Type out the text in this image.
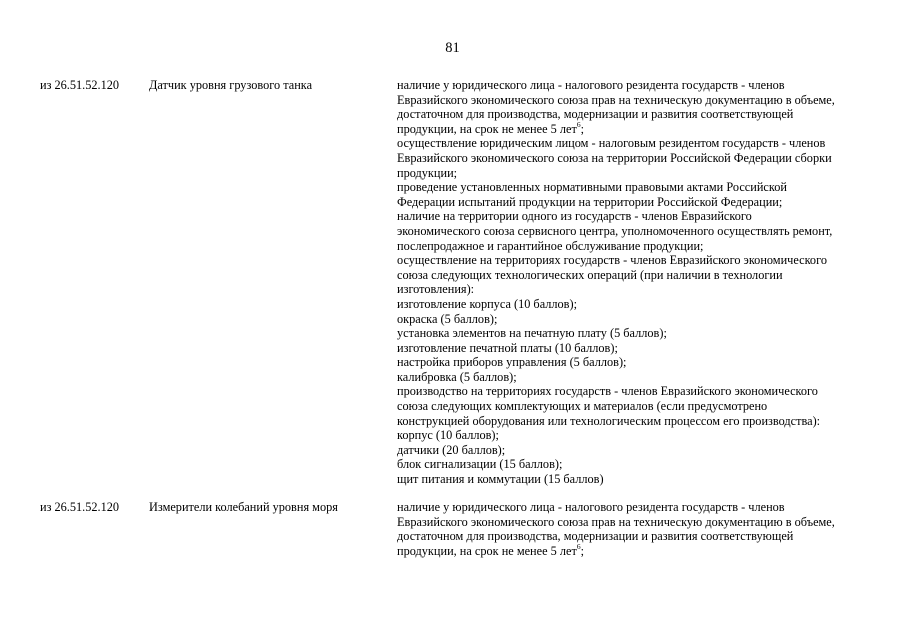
81
из 26.51.52.120 Датчик уровня грузового танка	наличие у юридического лица - налогового резидента государств - членов
Евразийского экономического союза прав на техническую документацию в объеме,
достаточном для производства, модернизации и развития соответствующей
продукции, на срок не менее 5 лет$^6$;
осуществление юридическим лицом - налоговым резидентом государств - членов
Евразийского экономического союза на территории Российской Федерации сборки
продукции;
проведение установленных нормативными правовыми актами Российской
Федерации испытаний продукции на территории Российской Федерации;
наличие на территории одного из государств - членов Евразийского
экономического союза сервисного центра, уполномоченного осуществлять ремонт,
послепродажное и гарантийное обслуживание продукции;
осуществление на территориях государств - членов Евразийского экономического
союза следующих технологических операций (при наличии в технологии
изготовления):
изготовление корпуса (10 баллов);
окраска (5 баллов);
установка элементов на печатную плату (5 баллов);
изготовление печатной платы (10 баллов);
настройка приборов управления (5 баллов);
калибровка (5 баллов);
производство на территориях государств - членов Евразийского экономического
союза следующих комплектующих и материалов (если предусмотрено
конструкцией оборудования или технологическим процессом его производства):
корпус (10 баллов);
датчики (20 баллов);
блок сигнализации (15 баллов);
щит питания и коммутации (15 баллов)
из 26.51.52.120 Измерители колебаний уровня моря	наличие у юридического лица - налогового резидента государств - членов
Евразийского экономического союза прав на техническую документацию в объеме,
достаточном для производства, модернизации и развития соответствующей
продукции, на срок не менее 5 лет$^6$;
